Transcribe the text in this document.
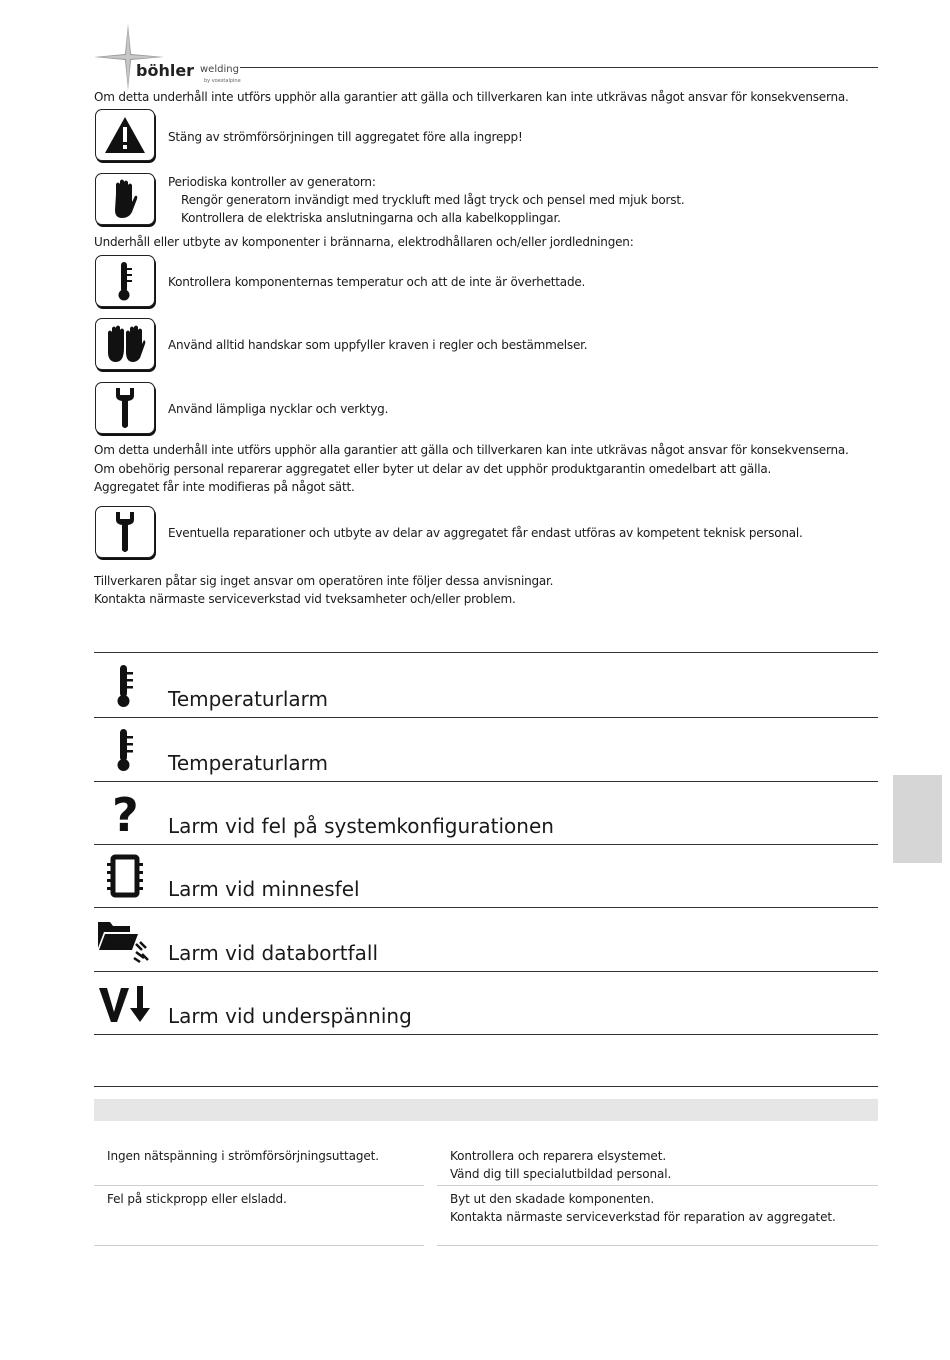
böhler welding
by voestalpine
Om detta underhåll inte utförs upphör alla garantier att gälla och tillverkaren kan inte utkrävas något ansvar för konsekvenserna.
Stäng av strömförsörjningen till aggregatet före alla ingrepp!
Periodiska kontroller av generatorn:
Rengör generatorn invändigt med tryckluft med lågt tryck och pensel med mjuk borst.
Kontrollera de elektriska anslutningarna och alla kabelkopplingar.
Underhåll eller utbyte av komponenter i brännarna, elektrodhållaren och/eller jordledningen:
Kontrollera komponenternas temperatur och att de inte är överhettade.
Använd alltid handskar som uppfyller kraven i regler och bestämmelser.
Använd lämpliga nycklar och verktyg.
Om detta underhåll inte utförs upphör alla garantier att gälla och tillverkaren kan inte utkrävas något ansvar för konsekvenserna.
Om obehörig personal reparerar aggregatet eller byter ut delar av det upphör produktgarantin omedelbart att gälla.
Aggregatet får inte modifieras på något sätt.
Eventuella reparationer och utbyte av delar av aggregatet får endast utföras av kompetent teknisk personal.
Tillverkaren påtar sig inget ansvar om operatören inte följer dessa anvisningar.
Kontakta närmaste serviceverkstad vid tveksamheter och/eller problem.
Temperaturlarm
Temperaturlarm
? Larm vid fel på systemkonfigurationen
Larm vid minnesfel
Larm vid databortfall
Larm vid underspänning
Ingen nätspänning i strömförsörjningsuttaget.	Kontrollera och reparera elsystemet.
Vänd dig till specialutbildad personal.
Fel på stickpropp eller elsladd.	Byt ut den skadade komponenten.
Kontakta närmaste serviceverkstad för reparation av aggregatet.
